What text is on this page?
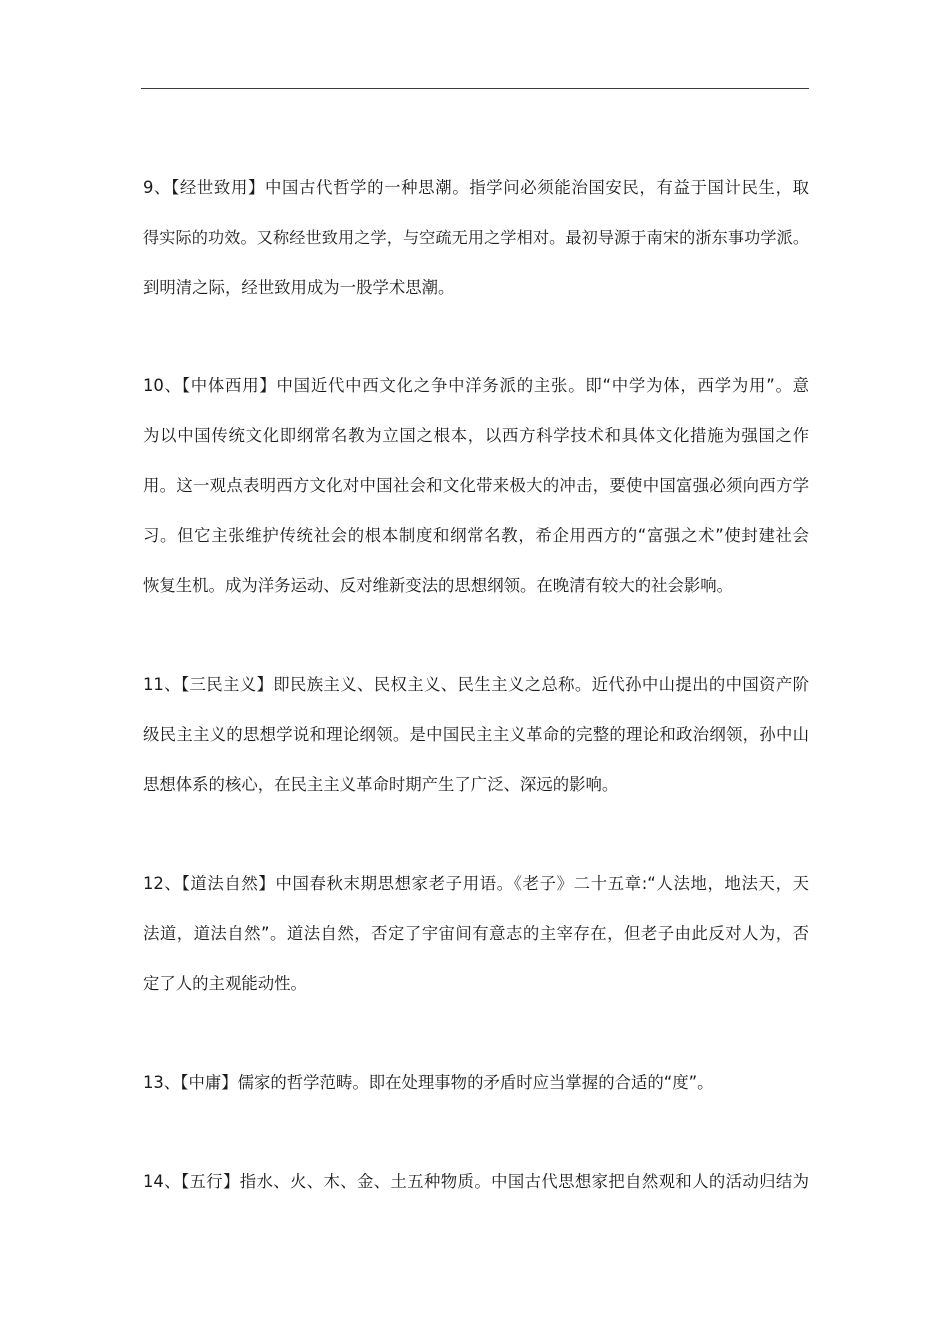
9、【经世致用】中国古代哲学的一种思潮。指学问必须能治国安民，有益于国计民生，取
得实际的功效。又称经世致用之学，与空疏无用之学相对。最初导源于南宋的浙东事功学派。
到明清之际，经世致用成为一股学术思潮。
10、【中体西用】中国近代中西文化之争中洋务派的主张。即“中学为体，西学为用”。意
为以中国传统文化即纲常名教为立国之根本，以西方科学技术和具体文化措施为强国之作
用。这一观点表明西方文化对中国社会和文化带来极大的冲击，要使中国富强必须向西方学
习。但它主张维护传统社会的根本制度和纲常名教，希企用西方的“富强之术”使封建社会
恢复生机。成为洋务运动、反对维新变法的思想纲领。在晚清有较大的社会影响。
11、【三民主义】即民族主义、民权主义、民生主义之总称。近代孙中山提出的中国资产阶
级民主主义的思想学说和理论纲领。是中国民主主义革命的完整的理论和政治纲领，孙中山
思想体系的核心，在民主主义革命时期产生了广泛、深远的影响。
12、【道法自然】中国春秋末期思想家老子用语。《老子》二十五章:“人法地，地法天，天
法道，道法自然”。道法自然，否定了宇宙间有意志的主宰存在，但老子由此反对人为，否
定了人的主观能动性。
13、【中庸】儒家的哲学范畴。即在处理事物的矛盾时应当掌握的合适的“度”。
14、【五行】指水、火、木、金、土五种物质。中国古代思想家把自然观和人的活动归结为
